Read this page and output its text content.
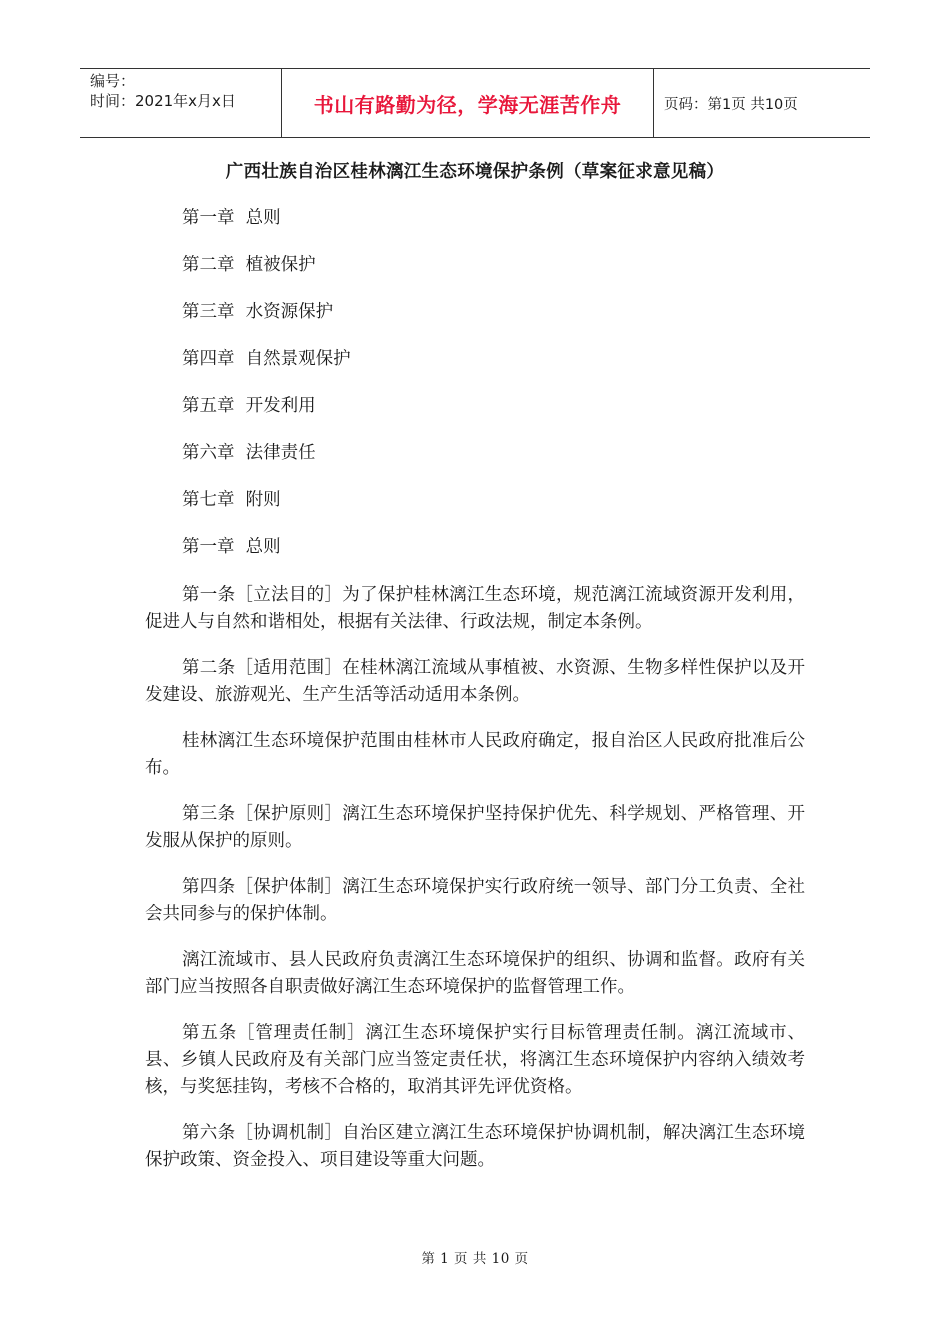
编号：
时间：2021年x月x日	书山有路勤为径，学海无涯苦作舟	页码：第1页 共10页
广西壮族自治区桂林漓江生态环境保护条例（草案征求意见稿）
第一章  总则
第二章  植被保护
第三章  水资源保护
第四章  自然景观保护
第五章  开发利用
第六章  法律责任
第七章  附则
第一章  总则

第一条［立法目的］为了保护桂林漓江生态环境，规范漓江流域资源开发利用，促进人与自然和谐相处，根据有关法律、行政法规，制定本条例。

第二条［适用范围］在桂林漓江流域从事植被、水资源、生物多样性保护以及开发建设、旅游观光、生产生活等活动适用本条例。

桂林漓江生态环境保护范围由桂林市人民政府确定，报自治区人民政府批准后公布。

第三条［保护原则］漓江生态环境保护坚持保护优先、科学规划、严格管理、开发服从保护的原则。

第四条［保护体制］漓江生态环境保护实行政府统一领导、部门分工负责、全社会共同参与的保护体制。

漓江流域市、县人民政府负责漓江生态环境保护的组织、协调和监督。政府有关部门应当按照各自职责做好漓江生态环境保护的监督管理工作。

第五条［管理责任制］漓江生态环境保护实行目标管理责任制。漓江流域市、县、乡镇人民政府及有关部门应当签定责任状，将漓江生态环境保护内容纳入绩效考核，与奖惩挂钩，考核不合格的，取消其评先评优资格。

第六条［协调机制］自治区建立漓江生态环境保护协调机制，解决漓江生态环境保护政策、资金投入、项目建设等重大问题。

第 1 页 共 10 页
